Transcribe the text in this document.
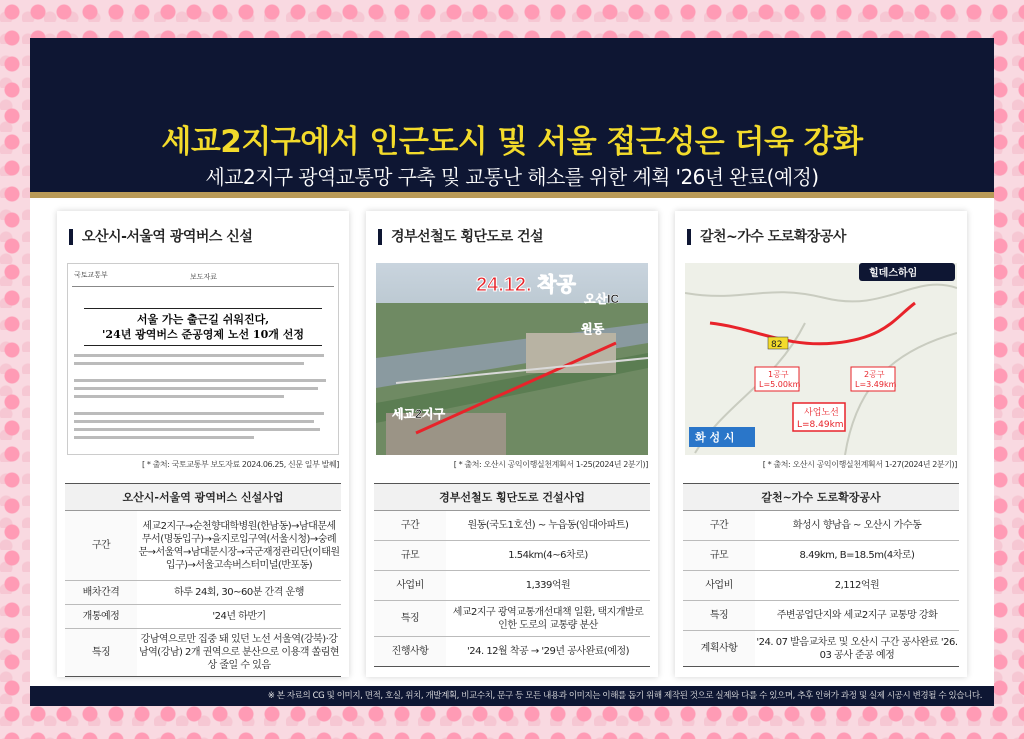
세교2지구에서 인근도시 및 서울 접근성은 더욱 강화
세교2지구 광역교통망 구축 및 교통난 해소를 위한 계획 '26년 완료(예정)
오산시-서울역 광역버스 신설
국토교통부	보도자료
서울 가는 출근길 쉬워진다,
'24년 광역버스 준공영제 노선 10개 선정
[ * 출처: 국토교통부 보도자료 2024.06.25, 신문 일부 발췌]
오산시-서울역 광역버스 신설사업	
구간	세교2지구→순천향대학병원(한남동)→남대문세무서(명동입구)→을지로입구역(서울시청)→숭례문→서울역→남대문시장→국군재정관리단(이태원입구)→서울고속버스터미널(반포동)
배차간격	하루 24회, 30~60분 간격 운행
개통예정	'24년 하반기
특징	강남역으로만 집중 돼 있던 노선 서울역(강북)·강남역(강남) 2개 권역으로 분산으로 이용객 쏠림현상 줄일 수 있음
경부선철도 횡단도로 건설
24.12. 착공
오산IC
원동
세교2지구
[ * 출처: 오산시 공익이행실천계획서 1-25(2024년 2분기)]
경부선철도 횡단도로 건설사업	
구간	원동(국도1호선) ~ 누읍동(임대아파트)
규모	1.54km(4~6차로)
사업비	1,339억원
특징	세교2지구 광역교통개선대책 일환, 택지개발로 인한 도로의 교통량 분산
진행사항	'24. 12월 착공 → '29년 공사완료(예정)
갈천~가수 도로확장공사
힐데스하임
82
1공구
L=5.00km
2공구
L=3.49km
사업노선
L=8.49km
화 성 시
[ * 출처: 오산시 공익이행실천계획서 1-27(2024년 2분기)]
갈천~가수 도로확장공사	
구간	화성시 향남읍 ~ 오산시 가수동
규모	8.49km, B=18.5m(4차로)
사업비	2,112억원
특징	주변공업단지와 세교2지구 교통망 강화
계획사항	'24. 07 발음교차로 및 오산시 구간 공사완료 '26. 03 공사 준공 예정
※ 본 자료의 CG 및 이미지, 면적, 호실, 위치, 개발계획, 비교수치, 문구 등 모든 내용과 이미지는 이해를 돕기 위해 제작된 것으로 실제와 다를 수 있으며, 추후 인허가 과정 및 실제 시공시 변경될 수 있습니다.
